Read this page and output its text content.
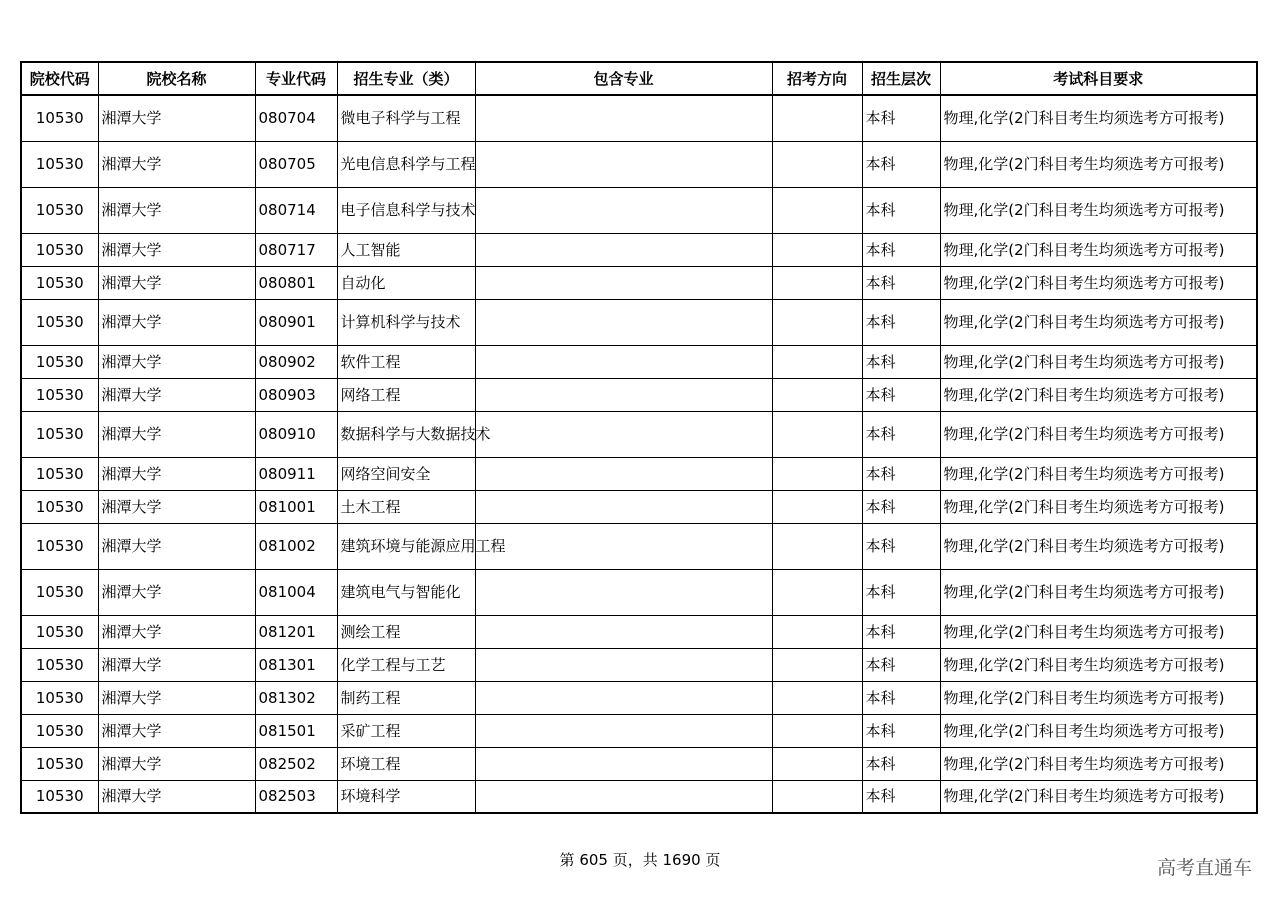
院校代码	院校名称	专业代码	招生专业（类）	包含专业	招考方向	招生层次	考试科目要求
10530	湘潭大学	080704	微电子科学与工程			本科	物理,化学(2门科目考生均须选考方可报考)
10530	湘潭大学	080705	光电信息科学与工程			本科	物理,化学(2门科目考生均须选考方可报考)
10530	湘潭大学	080714	电子信息科学与技术			本科	物理,化学(2门科目考生均须选考方可报考)
10530	湘潭大学	080717	人工智能			本科	物理,化学(2门科目考生均须选考方可报考)
10530	湘潭大学	080801	自动化			本科	物理,化学(2门科目考生均须选考方可报考)
10530	湘潭大学	080901	计算机科学与技术			本科	物理,化学(2门科目考生均须选考方可报考)
10530	湘潭大学	080902	软件工程			本科	物理,化学(2门科目考生均须选考方可报考)
10530	湘潭大学	080903	网络工程			本科	物理,化学(2门科目考生均须选考方可报考)
10530	湘潭大学	080910	数据科学与大数据技术			本科	物理,化学(2门科目考生均须选考方可报考)
10530	湘潭大学	080911	网络空间安全			本科	物理,化学(2门科目考生均须选考方可报考)
10530	湘潭大学	081001	土木工程			本科	物理,化学(2门科目考生均须选考方可报考)
10530	湘潭大学	081002	建筑环境与能源应用工程			本科	物理,化学(2门科目考生均须选考方可报考)
10530	湘潭大学	081004	建筑电气与智能化			本科	物理,化学(2门科目考生均须选考方可报考)
10530	湘潭大学	081201	测绘工程			本科	物理,化学(2门科目考生均须选考方可报考)
10530	湘潭大学	081301	化学工程与工艺			本科	物理,化学(2门科目考生均须选考方可报考)
10530	湘潭大学	081302	制药工程			本科	物理,化学(2门科目考生均须选考方可报考)
10530	湘潭大学	081501	采矿工程			本科	物理,化学(2门科目考生均须选考方可报考)
10530	湘潭大学	082502	环境工程			本科	物理,化学(2门科目考生均须选考方可报考)
10530	湘潭大学	082503	环境科学			本科	物理,化学(2门科目考生均须选考方可报考)
第 605 页，共 1690 页	高考直通车
